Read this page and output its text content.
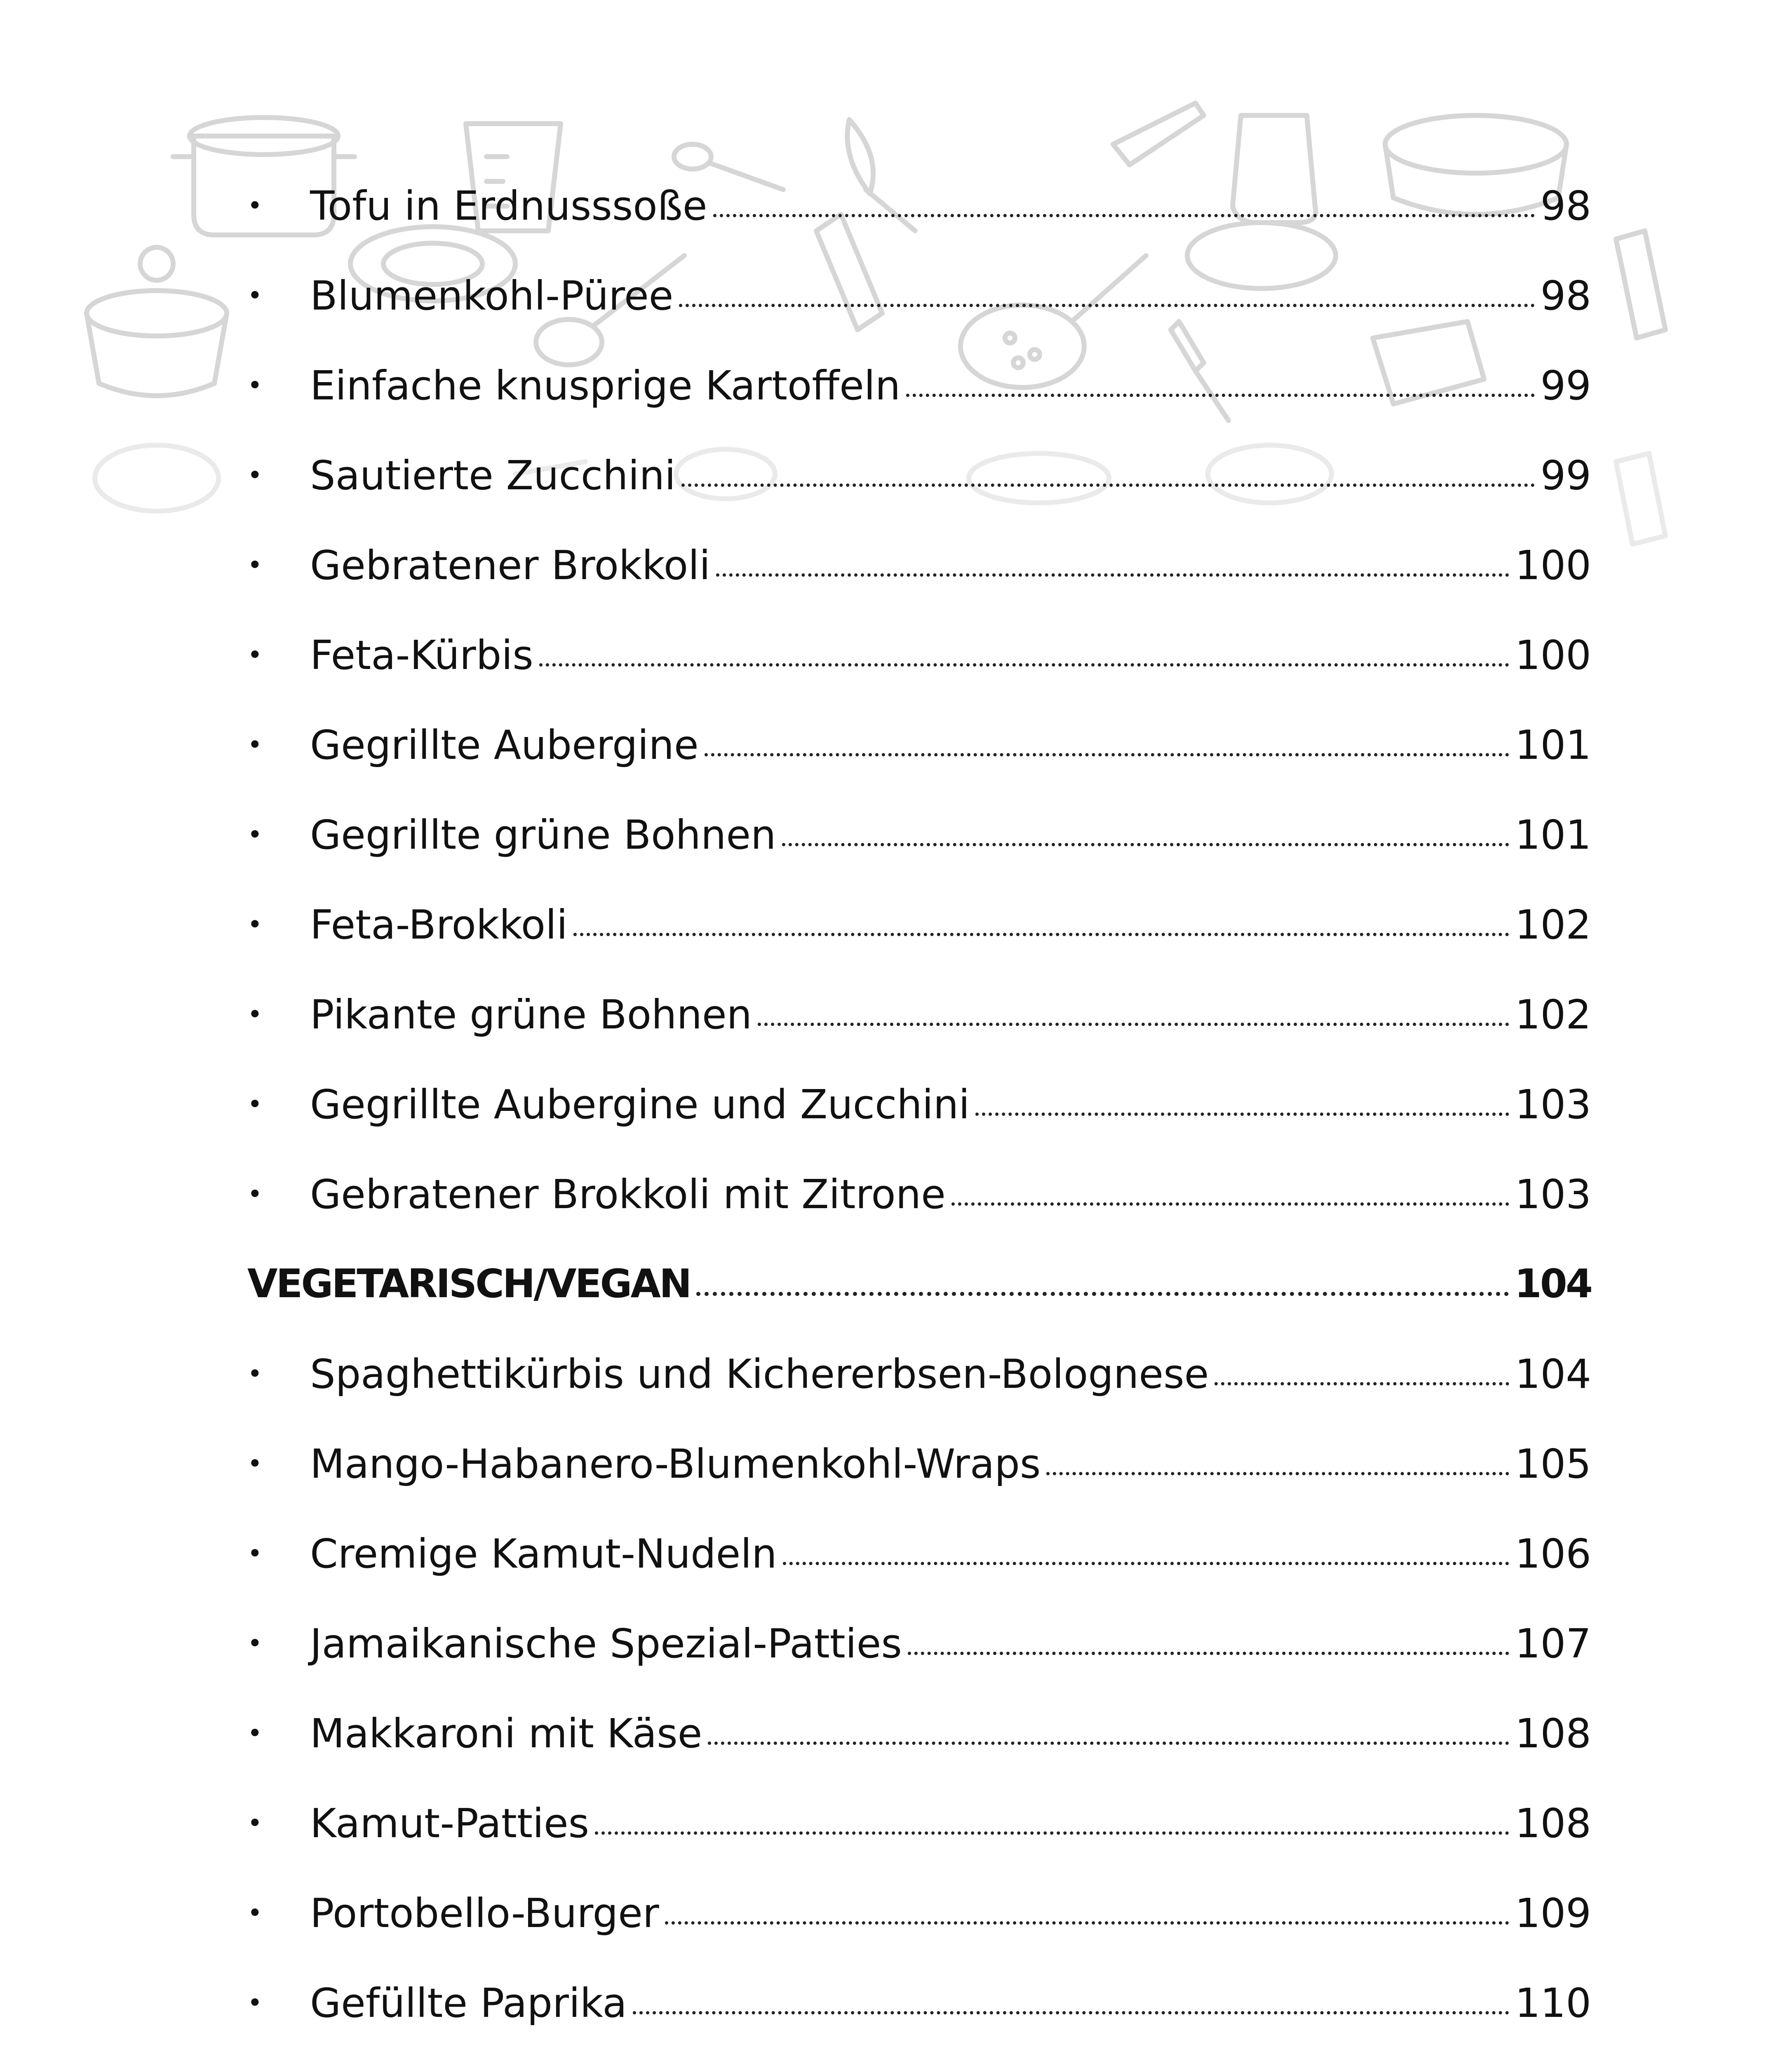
•	Tofu in Erdnusssoße	98
•	Blumenkohl-Püree	98
•	Einfache knusprige Kartoffeln	99
•	Sautierte Zucchini	99
•	Gebratener Brokkoli	100
•	Feta-Kürbis	100
•	Gegrillte Aubergine	101
•	Gegrillte grüne Bohnen	101
•	Feta-Brokkoli	102
•	Pikante grüne Bohnen	102
•	Gegrillte Aubergine und Zucchini	103
•	Gebratener Brokkoli mit Zitrone	103
VEGETARISCH/VEGAN	104
•	Spaghettikürbis und Kichererbsen-Bolognese	104
•	Mango-Habanero-Blumenkohl-Wraps	105
•	Cremige Kamut-Nudeln	106
•	Jamaikanische Spezial-Patties	107
•	Makkaroni mit Käse	108
•	Kamut-Patties	108
•	Portobello-Burger	109
•	Gefüllte Paprika	110
